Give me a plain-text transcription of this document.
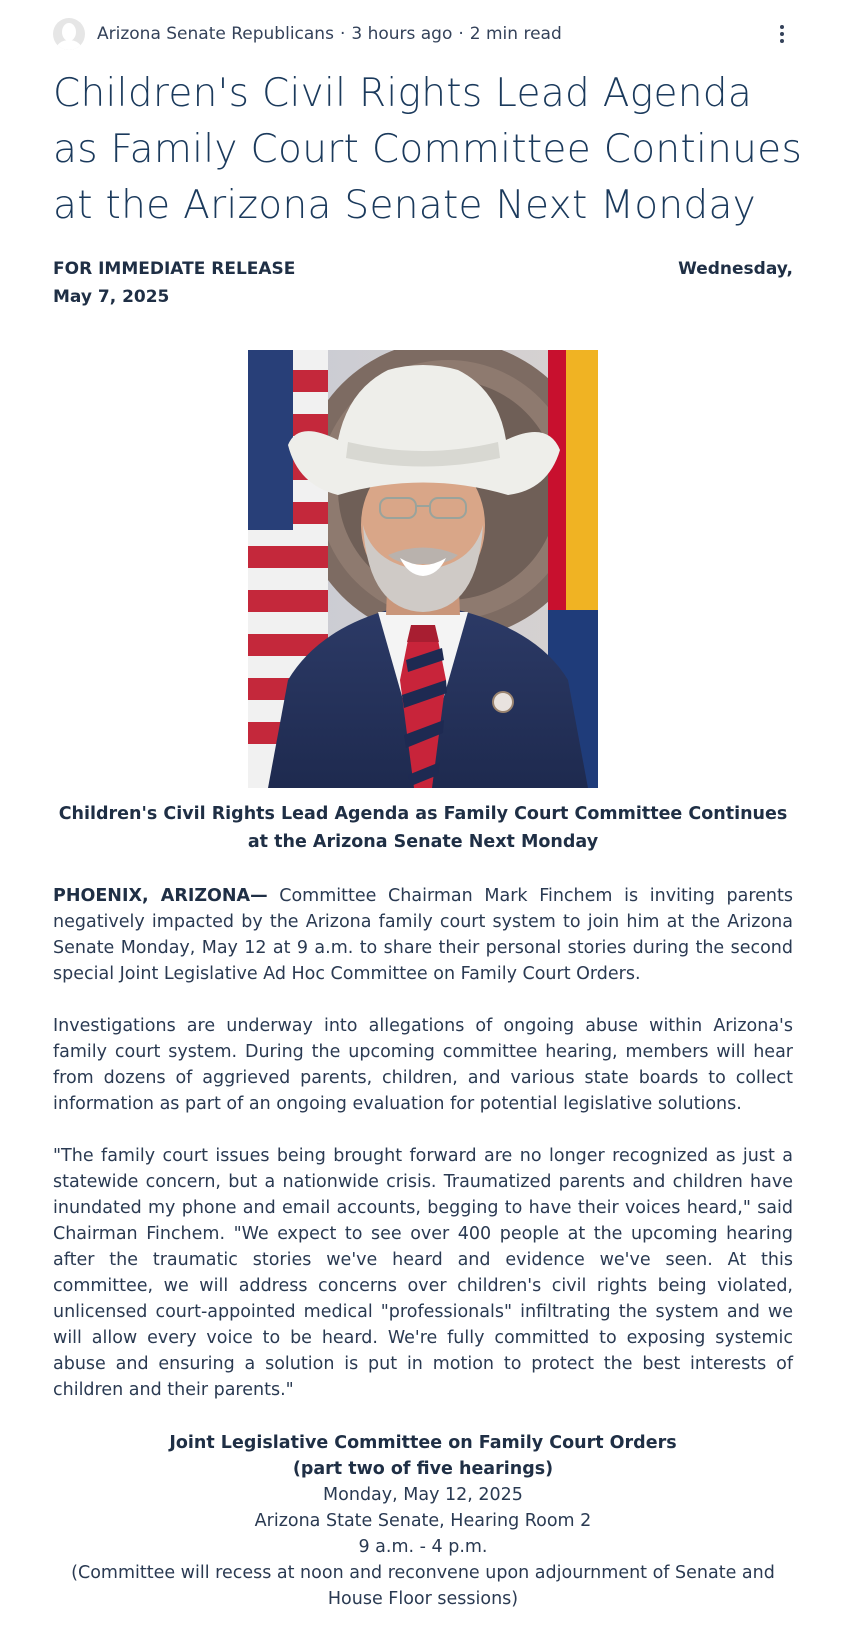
Arizona Senate Republicans · 3 hours ago · 2 min read
Children's Civil Rights Lead Agenda as Family Court Committee Continues at the Arizona Senate Next Monday
FOR IMMEDIATE RELEASE	Wednesday,
May 7, 2025
Children's Civil Rights Lead Agenda as Family Court Committee Continues
at the Arizona Senate Next Monday

PHOENIX, ARIZONA— Committee Chairman Mark Finchem is inviting parents negatively impacted by the Arizona family court system to join him at the Arizona Senate Monday, May 12 at 9 a.m. to share their personal stories during the second special Joint Legislative Ad Hoc Committee on Family Court Orders.

Investigations are underway into allegations of ongoing abuse within Arizona's family court system. During the upcoming committee hearing, members will hear from dozens of aggrieved parents, children, and various state boards to collect information as part of an ongoing evaluation for potential legislative solutions.

"The family court issues being brought forward are no longer recognized as just a statewide concern, but a nationwide crisis. Traumatized parents and children have inundated my phone and email accounts, begging to have their voices heard," said Chairman Finchem. "We expect to see over 400 people at the upcoming hearing after the traumatic stories we've heard and evidence we've seen. At this committee, we will address concerns over children's civil rights being violated, unlicensed court-appointed medical "professionals" infiltrating the system and we will allow every voice to be heard. We're fully committed to exposing systemic abuse and ensuring a solution is put in motion to protect the best interests of children and their parents."

Joint Legislative Committee on Family Court Orders
(part two of five hearings)
Monday, May 12, 2025
Arizona State Senate, Hearing Room 2
9 a.m. - 4 p.m.
(Committee will recess at noon and reconvene upon adjournment of Senate and House Floor sessions)
